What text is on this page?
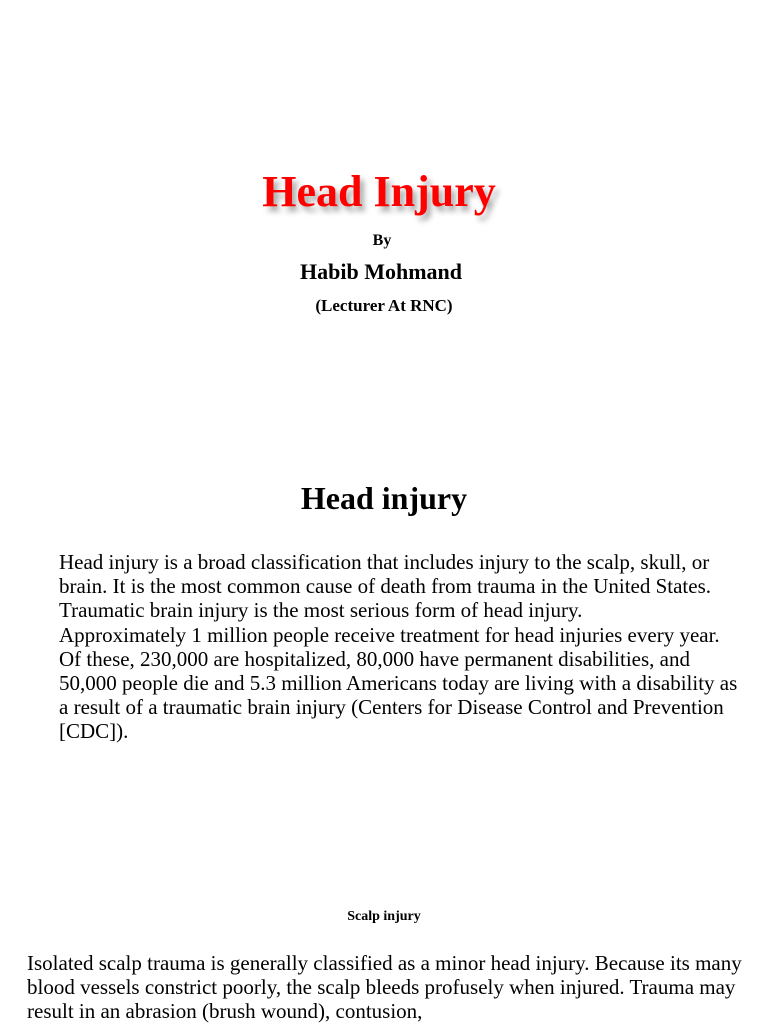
Head Injury
By
Habib Mohmand
(Lecturer At RNC)
Head injury

Head injury is a broad classification that includes injury to the scalp, skull, or brain. It is the most common cause of death from trauma in the United States. Traumatic brain injury is the most serious form of head injury.

Approximately 1 million people receive treatment for head injuries every year. Of these, 230,000 are hospitalized, 80,000 have permanent disabilities, and 50,000 people die and 5.3 million Americans today are living with a disability as a result of a traumatic brain injury (Centers for Disease Control and Prevention [CDC]).

Scalp injury

Isolated scalp trauma is generally classified as a minor head injury. Because its many blood vessels constrict poorly, the scalp bleeds profusely when injured. Trauma may result in an abrasion (brush wound), contusion,
